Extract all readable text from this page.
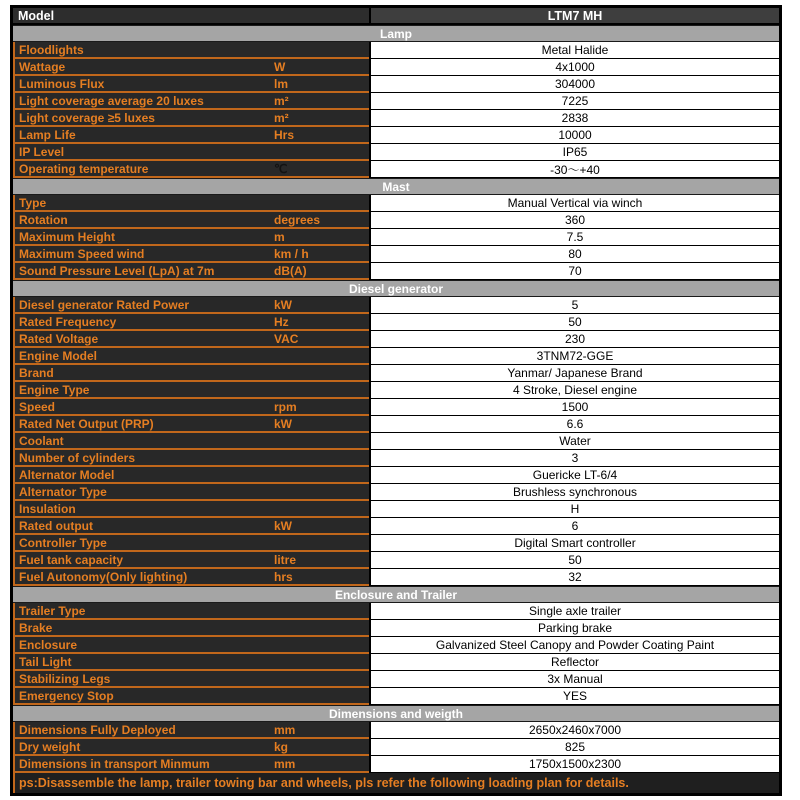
Model	LTM7 MH
Lamp
Floodlights	Metal Halide
Wattage	W	4x1000
Luminous Flux	lm	304000
Light coverage average 20 luxes	m²	7225
Light coverage ≥5 luxes	m²	2838
Lamp Life	Hrs	10000
IP Level	IP65
Operating temperature	℃	-30～+40
Mast
Type	Manual Vertical via winch
Rotation	degrees	360
Maximum Height	m	7.5
Maximum Speed wind	km / h	80
Sound Pressure Level (LpA) at 7m	dB(A)	70
Diesel generator
Diesel generator Rated Power	kW	5
Rated Frequency	Hz	50
Rated Voltage	VAC	230
Engine Model	3TNM72-GGE
Brand	Yanmar/ Japanese Brand
Engine Type	4 Stroke, Diesel engine
Speed	rpm	1500
Rated Net Output (PRP)	kW	6.6
Coolant	Water
Number of cylinders	3
Alternator Model	Guericke LT-6/4
Alternator Type	Brushless synchronous
Insulation	H
Rated output	kW	6
Controller Type	Digital Smart controller
Fuel tank capacity	litre	50
Fuel Autonomy(Only lighting)	hrs	32
Enclosure and Trailer
Trailer Type	Single axle trailer
Brake	Parking brake
Enclosure	Galvanized Steel Canopy and Powder Coating Paint
Tail Light	Reflector
Stabilizing Legs	3x Manual
Emergency Stop	YES
Dimensions and weigth
Dimensions Fully Deployed	mm	2650x2460x7000
Dry weight	kg	825
Dimensions in transport Minmum	mm	1750x1500x2300
ps:Disassemble the lamp, trailer towing bar and wheels, pls refer the following loading plan for details.
